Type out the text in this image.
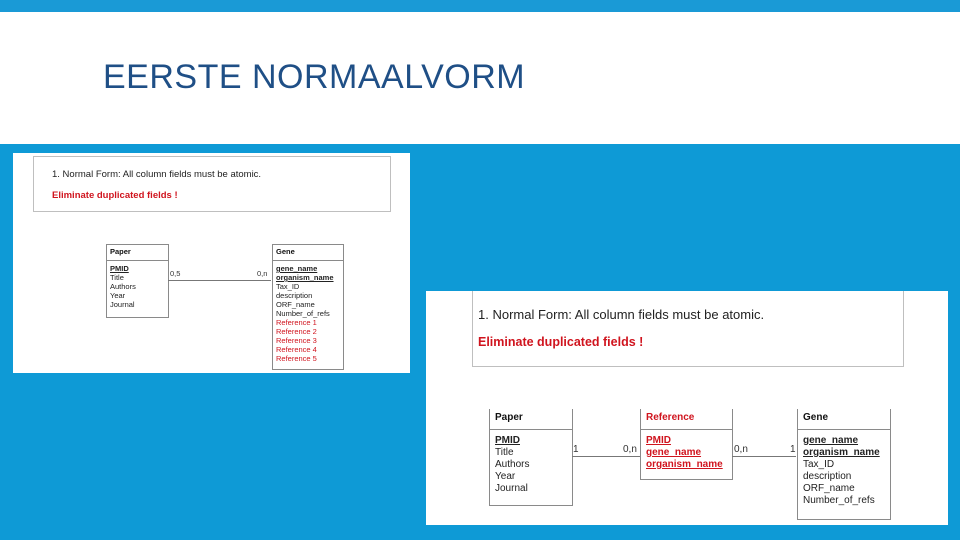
EERSTE NORMAALVORM
1. Normal Form: All column fields must be atomic.
Eliminate duplicated fields !
Paper
PMID
Title
Authors
Year
Journal
0,5	0,n
Gene
gene_name
organism_name
Tax_ID
description
ORF_name
Number_of_refs
Reference 1
Reference 2
Reference 3
Reference 4
Reference 5
1. Normal Form: All column fields must be atomic.
Eliminate duplicated fields !
Paper
PMID
Title
Authors
Year
Journal
1	0,n
Reference
PMID
gene_name
organism_name
0,n	1
Gene
gene_name
organism_name
Tax_ID
description
ORF_name
Number_of_refs
